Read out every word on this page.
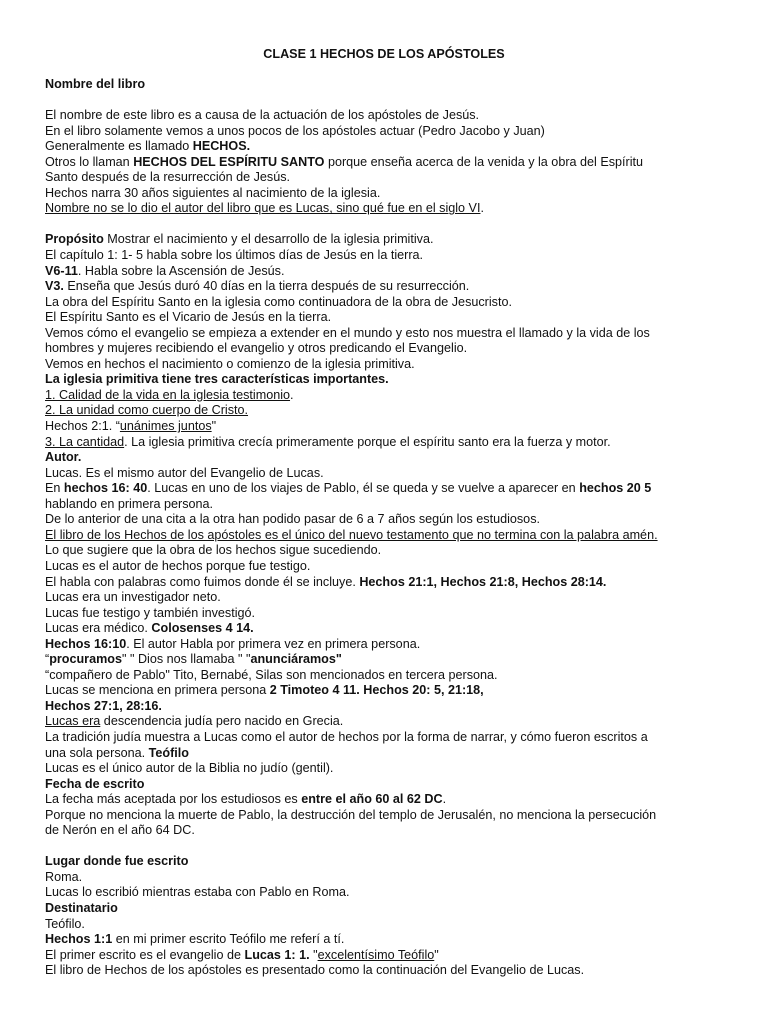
CLASE 1 HECHOS DE LOS APÓSTOLES
Nombre del libro
El nombre de este libro es a causa de la actuación de los apóstoles de Jesús.
En el libro solamente vemos a unos pocos de los apóstoles actuar (Pedro Jacobo y Juan)
Generalmente es llamado HECHOS.
Otros lo llaman HECHOS DEL ESPÍRITU SANTO porque enseña acerca de la venida y la obra del Espíritu
Santo después de la resurrección de Jesús.
Hechos narra 30 años siguientes al nacimiento de la iglesia.
Nombre no se lo dio el autor del libro que es Lucas, sino qué fue en el siglo VI.
Propósito Mostrar el nacimiento y el desarrollo de la iglesia primitiva.
El capítulo 1: 1- 5 habla sobre los últimos días de Jesús en la tierra.
V6-11. Habla sobre la Ascensión de Jesús.
V3. Enseña que Jesús duró 40 días en la tierra después de su resurrección.
La obra del Espíritu Santo en la iglesia como continuadora de la obra de Jesucristo.
El Espíritu Santo es el Vicario de Jesús en la tierra.
Vemos cómo el evangelio se empieza a extender en el mundo y esto nos muestra el llamado y la vida de los
hombres y mujeres recibiendo el evangelio y otros predicando el Evangelio.
Vemos en hechos el nacimiento o comienzo de la iglesia primitiva.
La iglesia primitiva tiene tres características importantes.
1. Calidad de la vida en la iglesia testimonio.
2. La unidad como cuerpo de Cristo.
Hechos 2:1. “unánimes juntos"
3. La cantidad. La iglesia primitiva crecía primeramente porque el espíritu santo era la fuerza y motor.
Autor.
Lucas. Es el mismo autor del Evangelio de Lucas.
En hechos 16: 40. Lucas en uno de los viajes de Pablo, él se queda y se vuelve a aparecer en hechos 20 5
hablando en primera persona.
De lo anterior de una cita a la otra han podido pasar de 6 a 7 años según los estudiosos.
El libro de los Hechos de los apóstoles es el único del nuevo testamento que no termina con la palabra amén.
Lo que sugiere que la obra de los hechos sigue sucediendo.
Lucas es el autor de hechos porque fue testigo.
El habla con palabras como fuimos donde él se incluye. Hechos 21:1, Hechos 21:8, Hechos 28:14.
Lucas era un investigador neto.
Lucas fue testigo y también investigó.
Lucas era médico. Colosenses 4 14.
Hechos 16:10. El autor Habla por primera vez en primera persona.
“procuramos" " Dios nos llamaba " "anunciáramos"
“compañero de Pablo" Tito, Bernabé, Silas son mencionados en tercera persona.
Lucas se menciona en primera persona 2 Timoteo 4 11. Hechos 20: 5, 21:18,
Hechos 27:1, 28:16.
Lucas era descendencia judía pero nacido en Grecia.
La tradición judía muestra a Lucas como el autor de hechos por la forma de narrar, y cómo fueron escritos a
una sola persona. Teófilo
Lucas es el único autor de la Biblia no judío (gentil).
Fecha de escrito
La fecha más aceptada por los estudiosos es entre el año 60 al 62 DC.
Porque no menciona la muerte de Pablo, la destrucción del templo de Jerusalén, no menciona la persecución
de Nerón en el año 64 DC.
Lugar donde fue escrito
Roma.
Lucas lo escribió mientras estaba con Pablo en Roma.
Destinatario
Teófilo.
Hechos 1:1 en mi primer escrito Teófilo me referí a tí.
El primer escrito es el evangelio de Lucas 1: 1. "excelentísimo Teófilo"
El libro de Hechos de los apóstoles es presentado como la continuación del Evangelio de Lucas.
